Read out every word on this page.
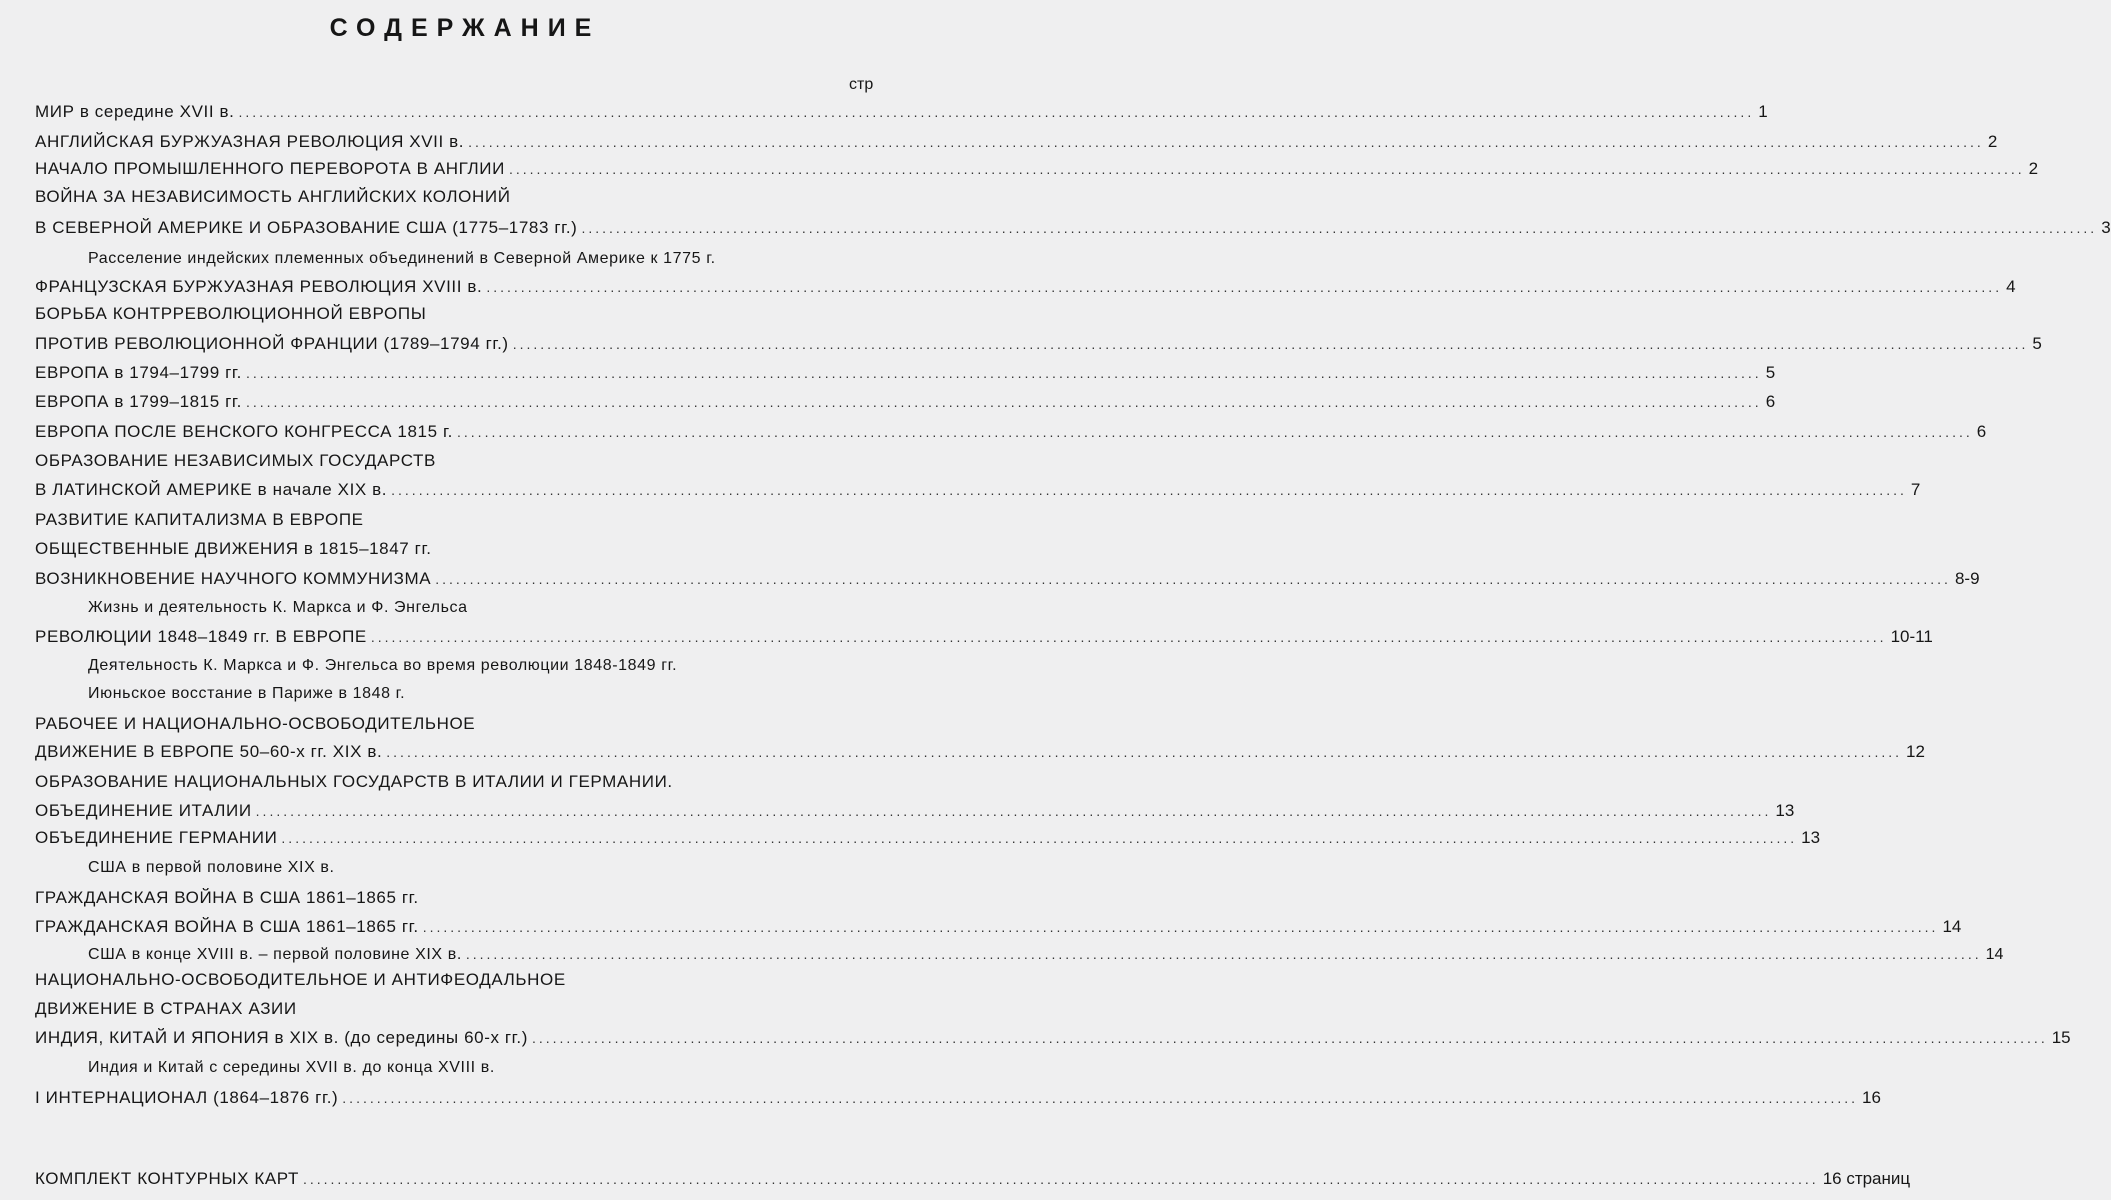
СОДЕРЖАНИЕ
стр
МИР в середине XVII в. ............................................................................................................................................................................................................................ 1
АНГЛИЙСКАЯ БУРЖУАЗНАЯ РЕВОЛЮЦИЯ XVII в. ............................................................................................................................................................................................................................ 2
НАЧАЛО ПРОМЫШЛЕННОГО ПЕРЕВОРОТА В АНГЛИИ ............................................................................................................................................................................................................................ 2
ВОЙНА ЗА НЕЗАВИСИМОСТЬ АНГЛИЙСКИХ КОЛОНИЙ
В СЕВЕРНОЙ АМЕРИКЕ И ОБРАЗОВАНИЕ США (1775–1783 гг.) ............................................................................................................................................................................................................................ 3
Расселение индейских племенных объединений в Северной Америке к 1775 г.
ФРАНЦУЗСКАЯ БУРЖУАЗНАЯ РЕВОЛЮЦИЯ XVIII в. ............................................................................................................................................................................................................................ 4
БОРЬБА КОНТРРЕВОЛЮЦИОННОЙ ЕВРОПЫ
ПРОТИВ РЕВОЛЮЦИОННОЙ ФРАНЦИИ (1789–1794 гг.) ............................................................................................................................................................................................................................ 5
ЕВРОПА в 1794–1799 гг. ............................................................................................................................................................................................................................ 5
ЕВРОПА в 1799–1815 гг. ............................................................................................................................................................................................................................ 6
ЕВРОПА ПОСЛЕ ВЕНСКОГО КОНГРЕССА 1815 г. ............................................................................................................................................................................................................................ 6
ОБРАЗОВАНИЕ НЕЗАВИСИМЫХ ГОСУДАРСТВ
В ЛАТИНСКОЙ АМЕРИКЕ в начале XIX в. ............................................................................................................................................................................................................................ 7
РАЗВИТИЕ КАПИТАЛИЗМА В ЕВРОПЕ
ОБЩЕСТВЕННЫЕ ДВИЖЕНИЯ в 1815–1847 гг.
ВОЗНИКНОВЕНИЕ НАУЧНОГО КОММУНИЗМА ............................................................................................................................................................................................................................ 8-9
Жизнь и деятельность К. Маркса и Ф. Энгельса
РЕВОЛЮЦИИ 1848–1849 гг. В ЕВРОПЕ ............................................................................................................................................................................................................................ 10-11
Деятельность К. Маркса и Ф. Энгельса во время революции 1848-1849 гг.
Июньское восстание в Париже в 1848 г.
РАБОЧЕЕ И НАЦИОНАЛЬНО-ОСВОБОДИТЕЛЬНОЕ
ДВИЖЕНИЕ В ЕВРОПЕ 50–60-х гг. XIX в. ............................................................................................................................................................................................................................ 12
ОБРАЗОВАНИЕ НАЦИОНАЛЬНЫХ ГОСУДАРСТВ В ИТАЛИИ И ГЕРМАНИИ.
ОБЪЕДИНЕНИЕ ИТАЛИИ ............................................................................................................................................................................................................................ 13
ОБЪЕДИНЕНИЕ ГЕРМАНИИ ............................................................................................................................................................................................................................ 13
США в первой половине XIX в.
ГРАЖДАНСКАЯ ВОЙНА В США 1861–1865 гг.
ГРАЖДАНСКАЯ ВОЙНА В США 1861–1865 гг. ............................................................................................................................................................................................................................ 14
США в конце XVIII в. – первой половине XIX в. ............................................................................................................................................................................................................................ 14
НАЦИОНАЛЬНО-ОСВОБОДИТЕЛЬНОЕ И АНТИФЕОДАЛЬНОЕ
ДВИЖЕНИЕ В СТРАНАХ АЗИИ
ИНДИЯ, КИТАЙ И ЯПОНИЯ в XIX в. (до середины 60-х гг.) ............................................................................................................................................................................................................................ 15
Индия и Китай с середины XVII в. до конца XVIII в.
I ИНТЕРНАЦИОНАЛ (1864–1876 гг.) ............................................................................................................................................................................................................................ 16
КОМПЛЕКТ КОНТУРНЫХ КАРТ ............................................................................................................................................................................................................................ 16 страниц
